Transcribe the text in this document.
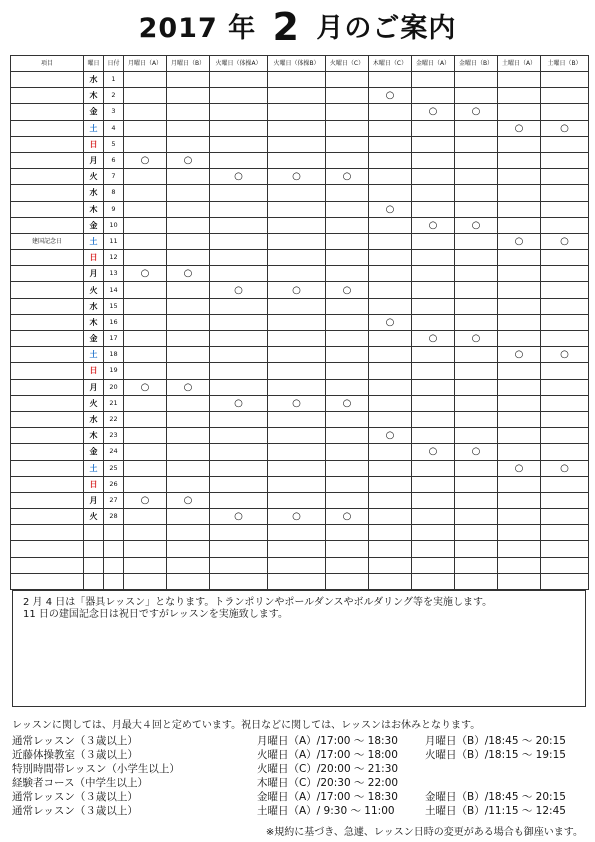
2017 年 2 月のご案内
項目	曜日	日付	月曜日（A）	月曜日（B）	火曜日（体操A）	火曜日（体操B）	火曜日（C）	木曜日（C）	金曜日（A）	金曜日（B）	土曜日（A）	土曜日（B）
	水	1										
	木	2						○				
	金	3							○	○		
	土	4									○	○
	日	5										
	月	6	○	○								
	火	7			○	○	○					
	水	8										
	木	9						○				
	金	10							○	○		
建国記念日	土	11									○	○
	日	12										
	月	13	○	○								
	火	14			○	○	○					
	水	15										
	木	16						○				
	金	17							○	○		
	土	18									○	○
	日	19										
	月	20	○	○								
	火	21			○	○	○					
	水	22										
	木	23						○				
	金	24							○	○		
	土	25									○	○
	日	26										
	月	27	○	○								
	火	28			○	○	○					

2 月 4 日は「器具レッスン」となります。トランポリンやポールダンスやボルダリング等を実施します。

11 日の建国記念日は祝日ですがレッスンを実施致します。

レッスンに関しては、月最大４回と定めています。祝日などに関しては、レッスンはお休みとなります。
通常レッスン（３歳以上）	月曜日（A）/17:00 ～ 18:30	月曜日（B）/18:45 ～ 20:15
近藤体操教室（３歳以上）	火曜日（A）/17:00 ～ 18:00	火曜日（B）/18:15 ～ 19:15
特別時間帯レッスン（小学生以上）	火曜日（C）/20:00 ～ 21:30
経験者コース（中学生以上）	木曜日（C）/20:30 ～ 22:00
通常レッスン（３歳以上）	金曜日（A）/17:00 ～ 18:30	金曜日（B）/18:45 ～ 20:15
通常レッスン（３歳以上）	土曜日（A）/ 9:30 ～ 11:00	土曜日（B）/11:15 ～ 12:45
※規約に基づき、急遽、レッスン日時の変更がある場合も御座います。
